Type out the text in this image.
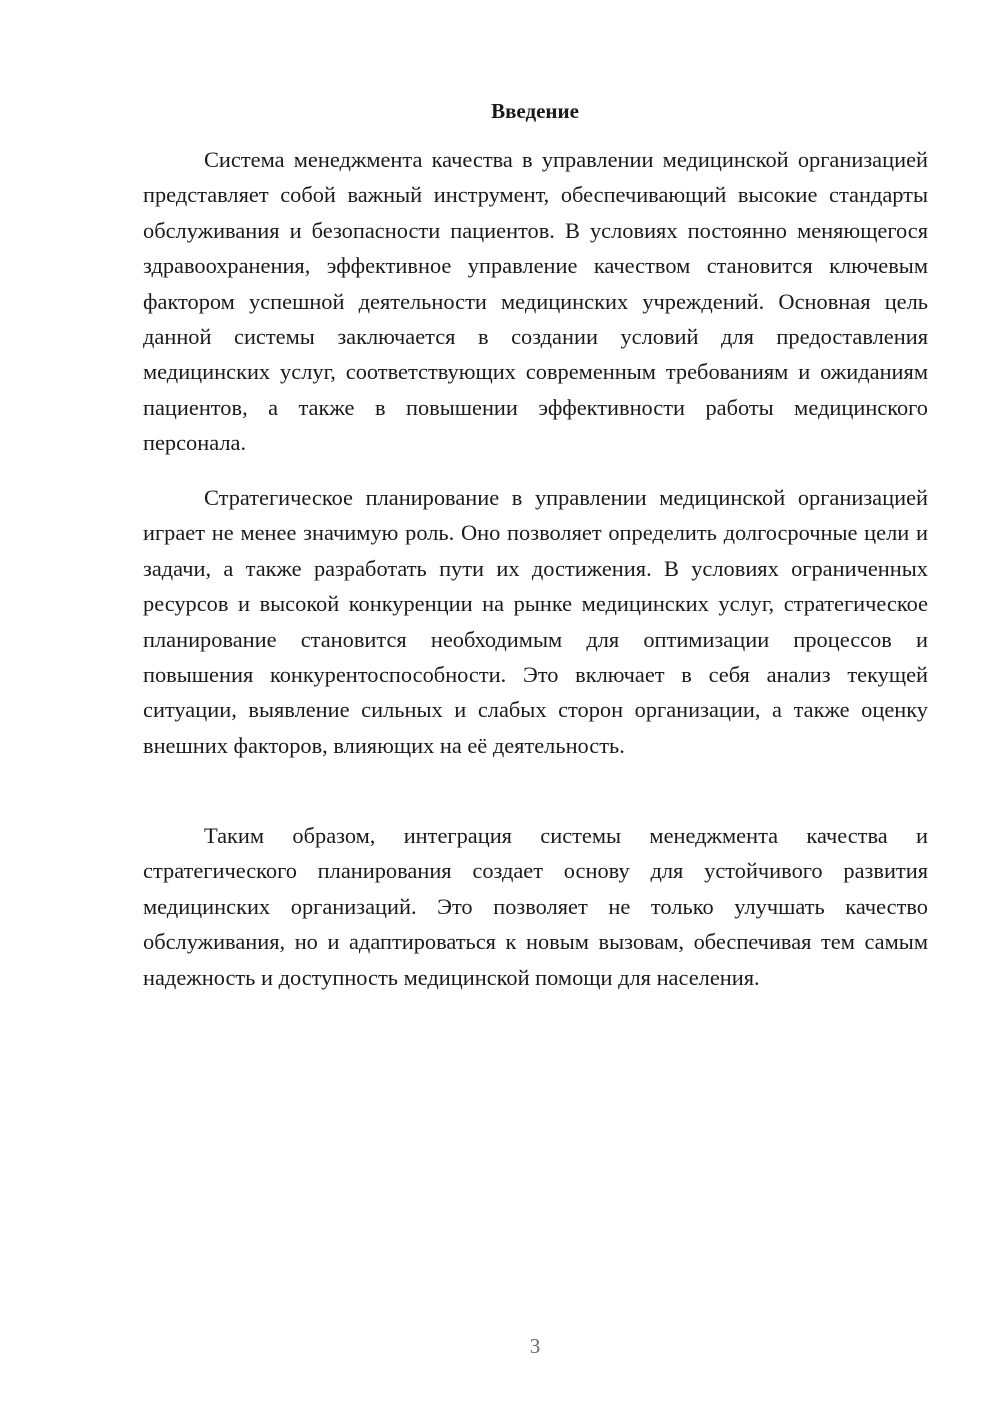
Введение

Система менеджмента качества в управлении медицинской организацией представляет собой важный инструмент, обеспечивающий высокие стандарты обслуживания и безопасности пациентов. В условиях постоянно меняющегося здравоохранения, эффективное управление качеством становится ключевым фактором успешной деятельности медицинских учреждений. Основная цель данной системы заключается в создании условий для предоставления медицинских услуг, соответствующих современным требованиям и ожиданиям пациентов, а также в повышении эффективности работы медицинского персонала.

Стратегическое планирование в управлении медицинской организацией играет не менее значимую роль. Оно позволяет определить долгосрочные цели и задачи, а также разработать пути их достижения. В условиях ограниченных ресурсов и высокой конкуренции на рынке медицинских услуг, стратегическое планирование становится необходимым для оптимизации процессов и повышения конкурентоспособности. Это включает в себя анализ текущей ситуации, выявление сильных и слабых сторон организации, а также оценку внешних факторов, влияющих на её деятельность.

Таким образом, интеграция системы менеджмента качества и стратегического планирования создает основу для устойчивого развития медицинских организаций. Это позволяет не только улучшать качество обслуживания, но и адаптироваться к новым вызовам, обеспечивая тем самым надежность и доступность медицинской помощи для населения.

3
